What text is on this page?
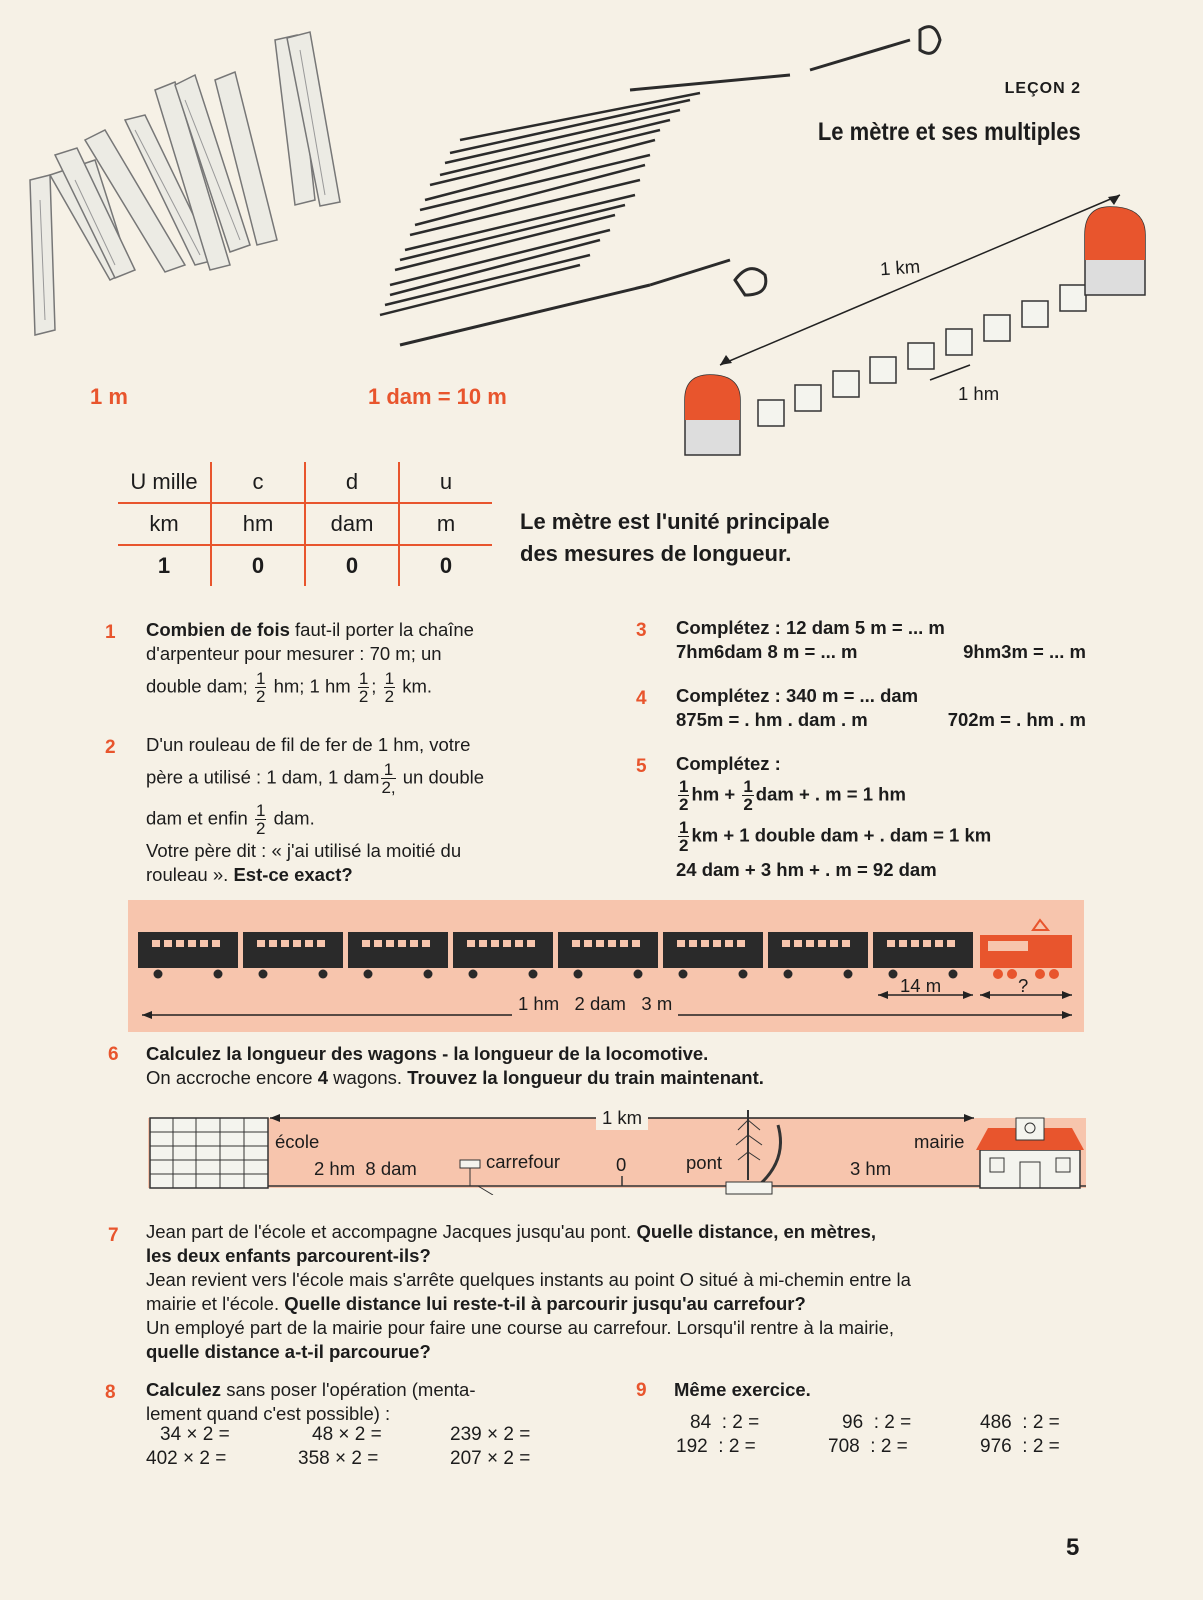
LEÇON 2
Le mètre et ses multiples
1 km
1 hm
1 m	1 dam = 10 m
U mille	c	d	u
km	hm	dam	m
1	0	0	0
Le mètre est l'unité principale
des mesures de longueur.
1 Combien de fois faut-il porter la chaîne
d'arpenteur pour mesurer : 70 m; un
double dam; $\frac{1}{2}$ hm; 1 hm $\frac{1}{2}$ ; $\frac{1}{2}$ km.
2 D'un rouleau de fil de fer de 1 hm, votre
père a utilisé : 1 dam, 1 dam $\frac{1}{2,}$ un double
dam et enfin $\frac{1}{2}$ dam.
Votre père dit : « j'ai utilisé la moitié du
rouleau ». Est-ce exact?
3 Complétez : 12 dam 5 m = ... m
7hm6dam 8 m = ... m	9hm3m = ... m
4 Complétez : 340 m = ... dam
875m = . hm . dam . m	702m = . hm . m
5 Complétez :
$\frac{1}{2}$ hm + $\frac{1}{2}$ dam + . m = 1 hm
$\frac{1}{2}$ km + 1 double dam + . dam = 1 km
24 dam + 3 hm + . m = 92 dam
1 hm   2 dam   3 m
14 m	?
6 Calculez la longueur des wagons - la longueur de la locomotive.
On accroche encore 4 wagons. Trouvez la longueur du train maintenant.
1 km
école
2 hm  8 dam	carrefour	0	pont	3 hm
mairie
7 Jean part de l'école et accompagne Jacques jusqu'au pont. Quelle distance, en mètres,
les deux enfants parcourent-ils?
Jean revient vers l'école mais s'arrête quelques instants au point O situé à mi-chemin entre la
mairie et l'école. Quelle distance lui reste-t-il à parcourir jusqu'au carrefour?
Un employé part de la mairie pour faire une course au carrefour. Lorsqu'il rentre à la mairie,
quelle distance a-t-il parcourue?
8 Calculez sans poser l'opération (menta-
lement quand c'est possible) :
34 × 2 =	48 × 2 =	239 × 2 =
402 × 2 =	358 × 2 =	207 × 2 =
9 Même exercice.
84  : 2 =	96  : 2 =	486  : 2 =
192  : 2 =	708  : 2 =	976  : 2 =
5
